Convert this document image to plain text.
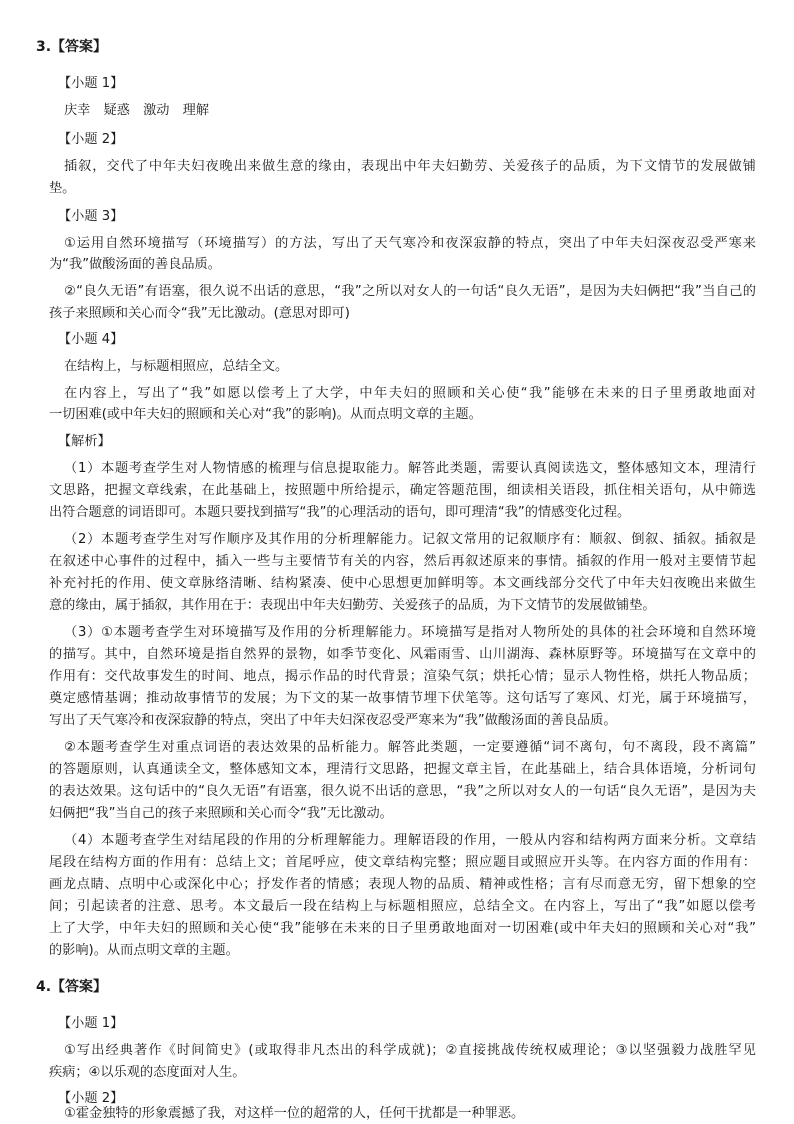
3.【答案】
【小题 1】
庆幸　疑惑　激动　理解
【小题 2】
插叙，交代了中年夫妇夜晚出来做生意的缘由，表现出中年夫妇勤劳、关爱孩子的品质，为下文情节的发展做铺
垫。
【小题 3】
①运用自然环境描写（环境描写）的方法，写出了天气寒冷和夜深寂静的特点，突出了中年夫妇深夜忍受严寒来
为“我”做酸汤面的善良品质。
②“良久无语”有语塞，很久说不出话的意思，“我”之所以对女人的一句话“良久无语”，是因为夫妇俩把“我”当自己的
孩子来照顾和关心而令“我”无比激动。(意思对即可)
【小题 4】
在结构上，与标题相照应，总结全文。
在内容上，写出了“我”如愿以偿考上了大学，中年夫妇的照顾和关心使“我”能够在未来的日子里勇敢地面对
一切困难(或中年夫妇的照顾和关心对“我”的影响)。从而点明文章的主题。
【解析】
（1）本题考查学生对人物情感的梳理与信息提取能力。解答此类题，需要认真阅读选文，整体感知文本，理清行
文思路，把握文章线索，在此基础上，按照题中所给提示，确定答题范围，细读相关语段，抓住相关语句，从中筛选
出符合题意的词语即可。本题只要找到描写“我”的心理活动的语句，即可理清“我”的情感变化过程。
（2）本题考查学生对写作顺序及其作用的分析理解能力。记叙文常用的记叙顺序有：顺叙、倒叙、插叙。插叙是
在叙述中心事件的过程中，插入一些与主要情节有关的内容，然后再叙述原来的事情。插叙的作用一般对主要情节起
补充衬托的作用、使文章脉络清晰、结构紧凑、使中心思想更加鲜明等。本文画线部分交代了中年夫妇夜晚出来做生
意的缘由，属于插叙，其作用在于：表现出中年夫妇勤劳、关爱孩子的品质，为下文情节的发展做铺垫。
（3）①本题考查学生对环境描写及作用的分析理解能力。环境描写是指对人物所处的具体的社会环境和自然环境
的描写。其中，自然环境是指自然界的景物，如季节变化、风霜雨雪、山川湖海、森林原野等。环境描写在文章中的
作用有：交代故事发生的时间、地点，揭示作品的时代背景；渲染气氛；烘托心情；显示人物性格，烘托人物品质；
奠定感情基调；推动故事情节的发展；为下文的某一故事情节埋下伏笔等。这句话写了寒风、灯光，属于环境描写，
写出了天气寒冷和夜深寂静的特点，突出了中年夫妇深夜忍受严寒来为“我”做酸汤面的善良品质。
②本题考查学生对重点词语的表达效果的品析能力。解答此类题，一定要遵循“词不离句，句不离段，段不离篇”
的答题原则，认真通读全文，整体感知文本，理清行文思路，把握文章主旨，在此基础上，结合具体语境，分析词句
的表达效果。这句话中的“良久无语”有语塞，很久说不出话的意思，“我”之所以对女人的一句话“良久无语”，是因为夫
妇俩把“我”当自己的孩子来照顾和关心而令“我”无比激动。
（4）本题考查学生对结尾段的作用的分析理解能力。理解语段的作用，一般从内容和结构两方面来分析。文章结
尾段在结构方面的作用有：总结上文；首尾呼应，使文章结构完整；照应题目或照应开头等。在内容方面的作用有：
画龙点睛、点明中心或深化中心；抒发作者的情感；表现人物的品质、精神或性格；言有尽而意无穷，留下想象的空
间；引起读者的注意、思考。本文最后一段在结构上与标题相照应，总结全文。在内容上，写出了“我”如愿以偿考
上了大学，中年夫妇的照顾和关心使“我”能够在未来的日子里勇敢地面对一切困难(或中年夫妇的照顾和关心对“我”
的影响)。从而点明文章的主题。
4.【答案】
【小题 1】
①写出经典著作《时间简史》(或取得非凡杰出的科学成就)；②直接挑战传统权威理论；③以坚强毅力战胜罕见
疾病；④以乐观的态度面对人生。
【小题 2】
①霍金独特的形象震撼了我，对这样一位的超常的人，任何干扰都是一种罪恶。
